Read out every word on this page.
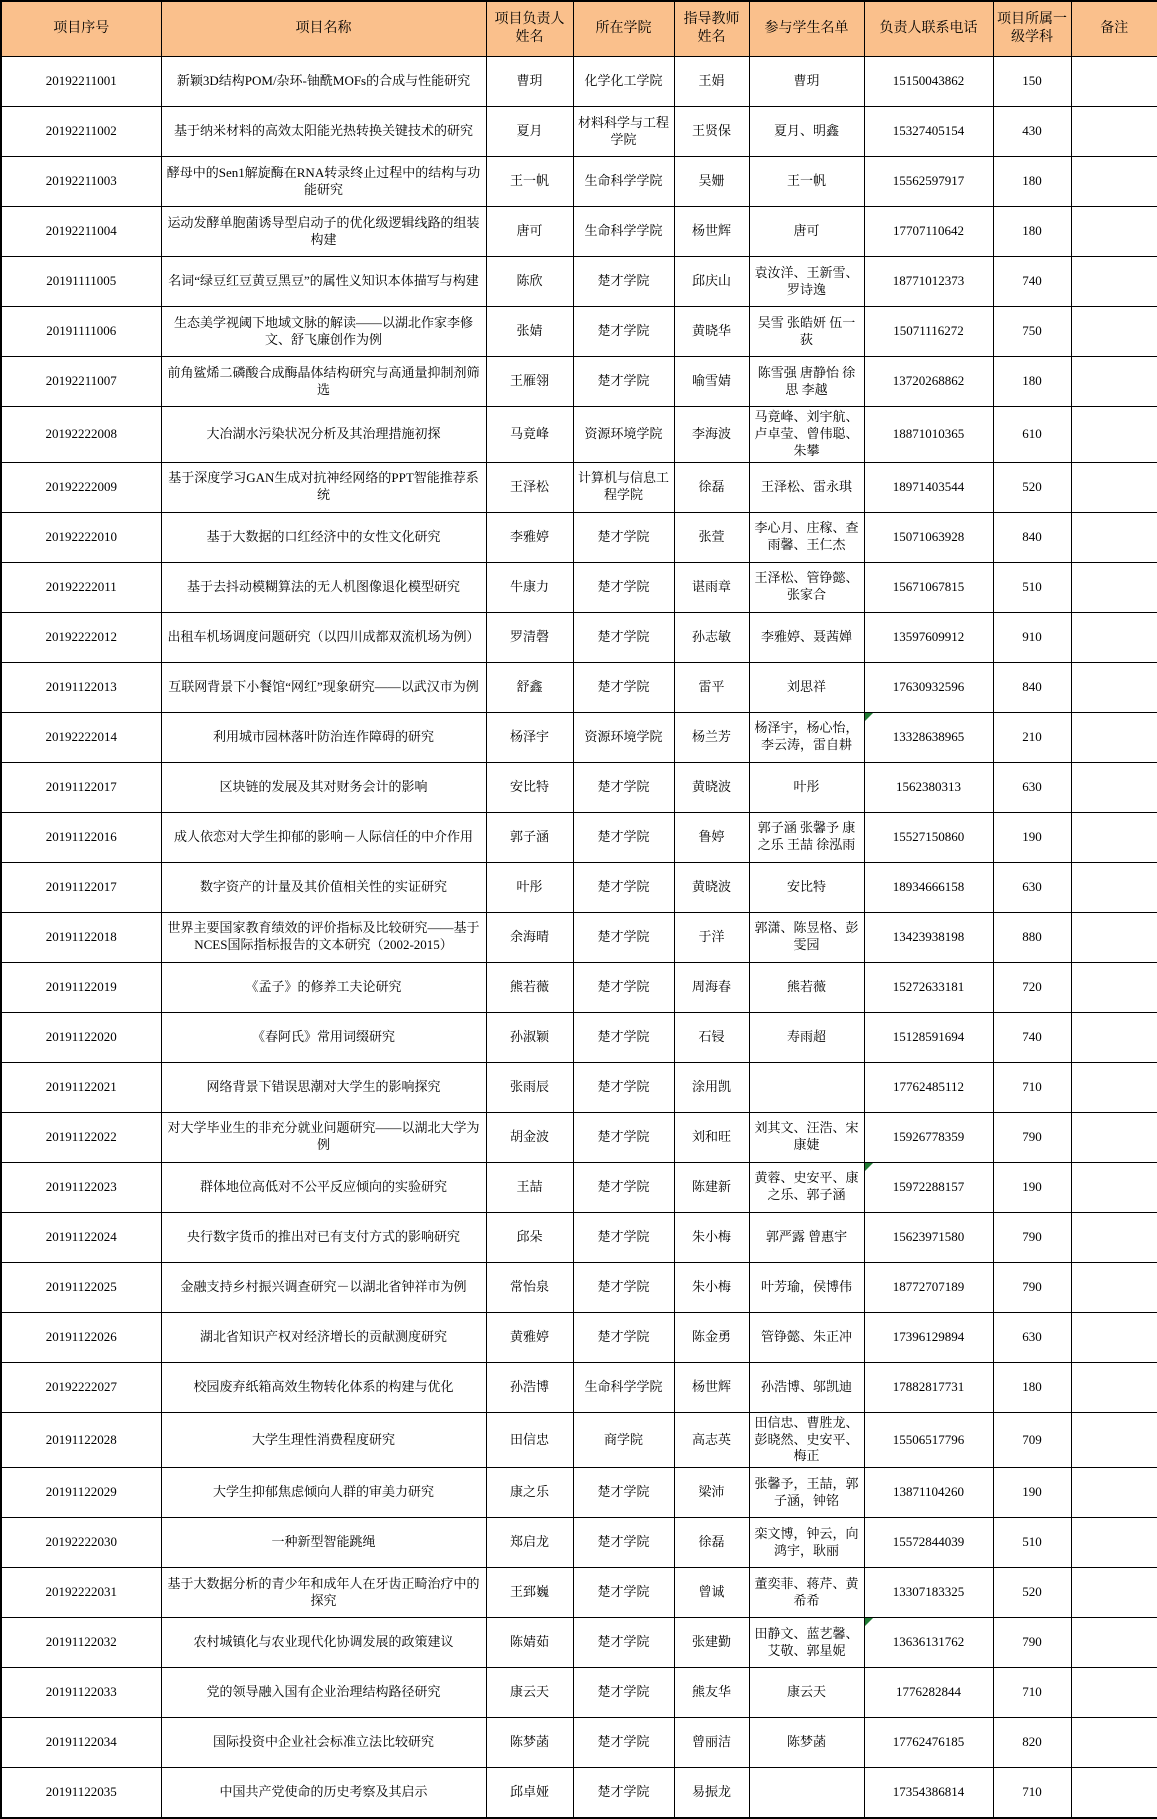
项目序号	项目名称	项目负责人姓名	所在学院	指导教师姓名	参与学生名单	负责人联系电话	项目所属一级学科	备注
20192211001	新颖3D结构POM/杂环-铀酰MOFs的合成与性能研究	曹玥	化学化工学院	王娟	曹玥	15150043862	150	
20192211002	基于纳米材料的高效太阳能光热转换关键技术的研究	夏月	材料科学与工程学院	王贤保	夏月、明鑫	15327405154	430	
20192211003	酵母中的Sen1解旋酶在RNA转录终止过程中的结构与功能研究	王一帆	生命科学学院	吴姗	王一帆	15562597917	180	
20192211004	运动发酵单胞菌诱导型启动子的优化级逻辑线路的组装构建	唐可	生命科学学院	杨世辉	唐可	17707110642	180	
20191111005	名词“绿豆红豆黄豆黑豆”的属性义知识本体描写与构建	陈欣	楚才学院	邱庆山	袁汝洋、王新雪、罗诗逸	18771012373	740	
20191111006	生态美学视阈下地域文脉的解读——以湖北作家李修文、舒飞廉创作为例	张婧	楚才学院	黄晓华	吴雪 张皓妍 伍一荻	15071116272	750	
20192211007	前角鲨烯二磷酸合成酶晶体结构研究与高通量抑制剂筛选	王雁翎	楚才学院	喻雪婧	陈雪强 唐静怡 徐思 李越	13720268862	180	
20192222008	大冶湖水污染状况分析及其治理措施初探	马竟峰	资源环境学院	李海波	马竟峰、刘宇航、卢卓莹、曾伟聪、朱攀	18871010365	610	
20192222009	基于深度学习GAN生成对抗神经网络的PPT智能推荐系统	王泽松	计算机与信息工程学院	徐磊	王泽松、雷永琪	18971403544	520	
20192222010	基于大数据的口红经济中的女性文化研究	李雅婷	楚才学院	张萱	李心月、庄稼、查雨馨、王仁杰	15071063928	840	
20192222011	基于去抖动模糊算法的无人机图像退化模型研究	牛康力	楚才学院	谌雨章	王泽松、管铮懿、张家合	15671067815	510	
20192222012	出租车机场调度问题研究（以四川成都双流机场为例）	罗清磬	楚才学院	孙志敏	李雅婷、聂茜婵	13597609912	910	
20191122013	互联网背景下小餐馆“网红”现象研究——以武汉市为例	舒鑫	楚才学院	雷平	刘思祥	17630932596	840	
20192222014	利用城市园林落叶防治连作障碍的研究	杨泽宇	资源环境学院	杨兰芳	杨泽宇，杨心怡，李云涛，雷自耕	13328638965	210	
20191122017	区块链的发展及其对财务会计的影响	安比特	楚才学院	黄晓波	叶彤	1562380313	630	
20191122016	成人依恋对大学生抑郁的影响－人际信任的中介作用	郭子涵	楚才学院	鲁婷	郭子涵 张馨予 康之乐 王喆 徐泓雨	15527150860	190	
20191122017	数字资产的计量及其价值相关性的实证研究	叶彤	楚才学院	黄晓波	安比特	18934666158	630	
20191122018	世界主要国家教育绩效的评价指标及比较研究——基于NCES国际指标报告的文本研究（2002-2015）	余海晴	楚才学院	于洋	郭潇、陈昱格、彭雯园	13423938198	880	
20191122019	《孟子》的修养工夫论研究	熊若薇	楚才学院	周海春	熊若薇	15272633181	720	
20191122020	《春阿氏》常用词缀研究	孙淑颖	楚才学院	石锓	寿雨超	15128591694	740	
20191122021	网络背景下错误思潮对大学生的影响探究	张雨辰	楚才学院	涂用凯		17762485112	710	
20191122022	对大学毕业生的非充分就业问题研究——以湖北大学为例	胡金波	楚才学院	刘和旺	刘其文、汪浩、宋康婕	15926778359	790	
20191122023	群体地位高低对不公平反应倾向的实验研究	王喆	楚才学院	陈建新	黄蓉、史安平、康之乐、郭子涵	15972288157	190	
20191122024	央行数字货币的推出对已有支付方式的影响研究	邱朵	楚才学院	朱小梅	郭严露 曾惠宇	15623971580	790	
20191122025	金融支持乡村振兴调查研究－以湖北省钟祥市为例	常怡泉	楚才学院	朱小梅	叶芳瑜，侯博伟	18772707189	790	
20191122026	湖北省知识产权对经济增长的贡献测度研究	黄雅婷	楚才学院	陈金勇	管铮懿、朱正冲	17396129894	630	
20192222027	校园废弃纸箱高效生物转化体系的构建与优化	孙浩博	生命科学学院	杨世辉	孙浩博、邬凯迪	17882817731	180	
20191122028	大学生理性消费程度研究	田信忠	商学院	高志英	田信忠、曹胜龙、彭晓然、史安平、梅正	15506517796	709	
20191122029	大学生抑郁焦虑倾向人群的审美力研究	康之乐	楚才学院	梁沛	张馨予，王喆，郭子涵，钟铭	13871104260	190	
20192222030	一种新型智能跳绳	郑启龙	楚才学院	徐磊	栾文博，钟云，向鸿宇，耿丽	15572844039	510	
20192222031	基于大数据分析的青少年和成年人在牙齿正畸治疗中的探究	王郅巍	楚才学院	曾诚	董奕菲、蒋芹、黄希希	13307183325	520	
20191122032	农村城镇化与农业现代化协调发展的政策建议	陈婧茹	楚才学院	张建勤	田静文、蓝艺馨、艾敬、郭星妮	13636131762	790	
20191122033	党的领导融入国有企业治理结构路径研究	康云天	楚才学院	熊友华	康云天	1776282844	710	
20191122034	国际投资中企业社会标准立法比较研究	陈梦菡	楚才学院	曾丽洁	陈梦菡	17762476185	820	
20191122035	中国共产党使命的历史考察及其启示	邱卓娅	楚才学院	易振龙		17354386814	710	
